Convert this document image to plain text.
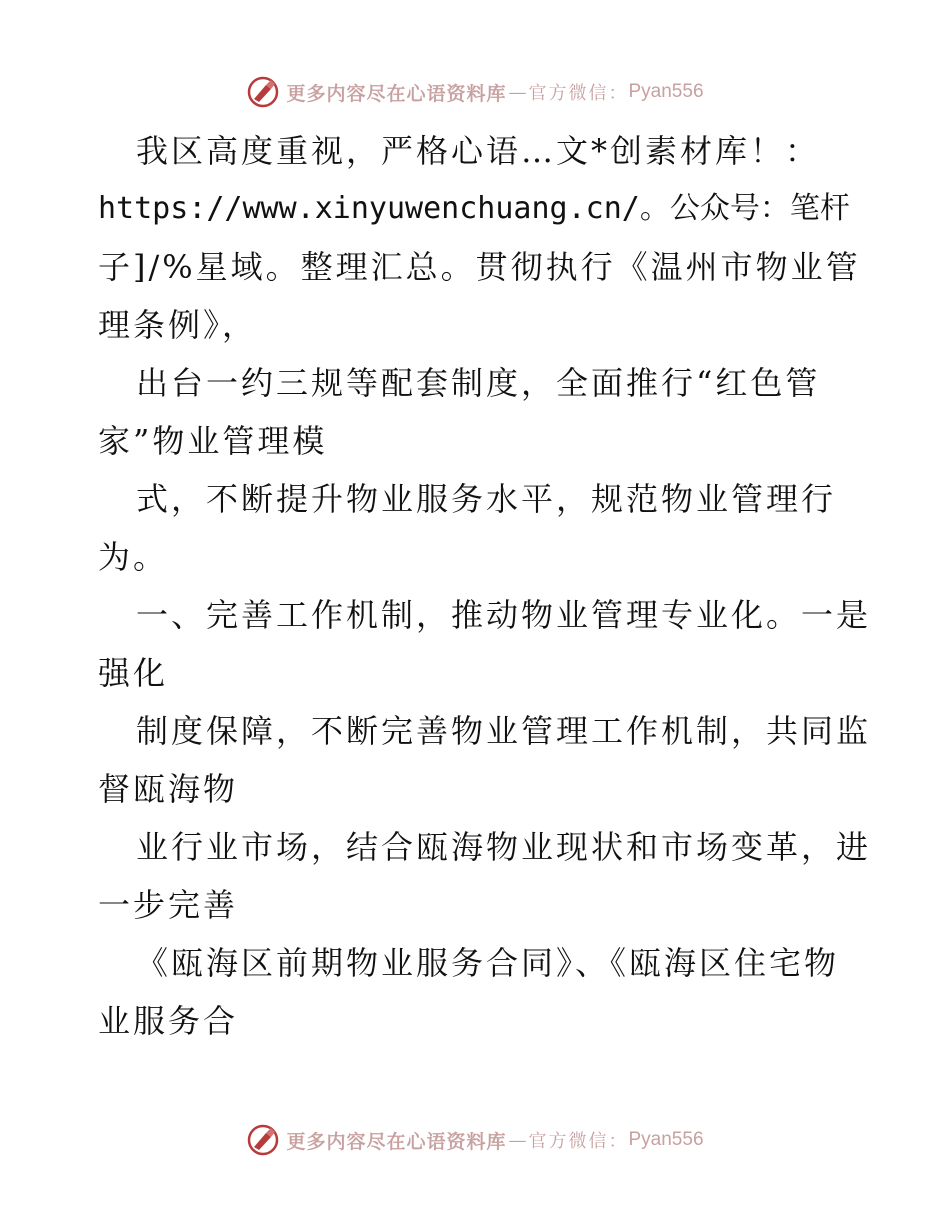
更多内容尽在心语资料库 — 官方微信： Pyan556
我区高度重视，严格心语…文*创素材库！：
https://www.xinyuwenchuang.cn/。公众号：笔杆
子]/%星域。整理汇总。贯彻执行《温州市物业管
理条例》，
出台一约三规等配套制度，全面推行“红色管
家”物业管理模
式，不断提升物业服务水平，规范物业管理行
为。
一、完善工作机制，推动物业管理专业化。一是
强化
制度保障，不断完善物业管理工作机制，共同监
督瓯海物
业行业市场，结合瓯海物业现状和市场变革，进
一步完善
《瓯海区前期物业服务合同》、《瓯海区住宅物
业服务合
更多内容尽在心语资料库 — 官方微信： Pyan556
